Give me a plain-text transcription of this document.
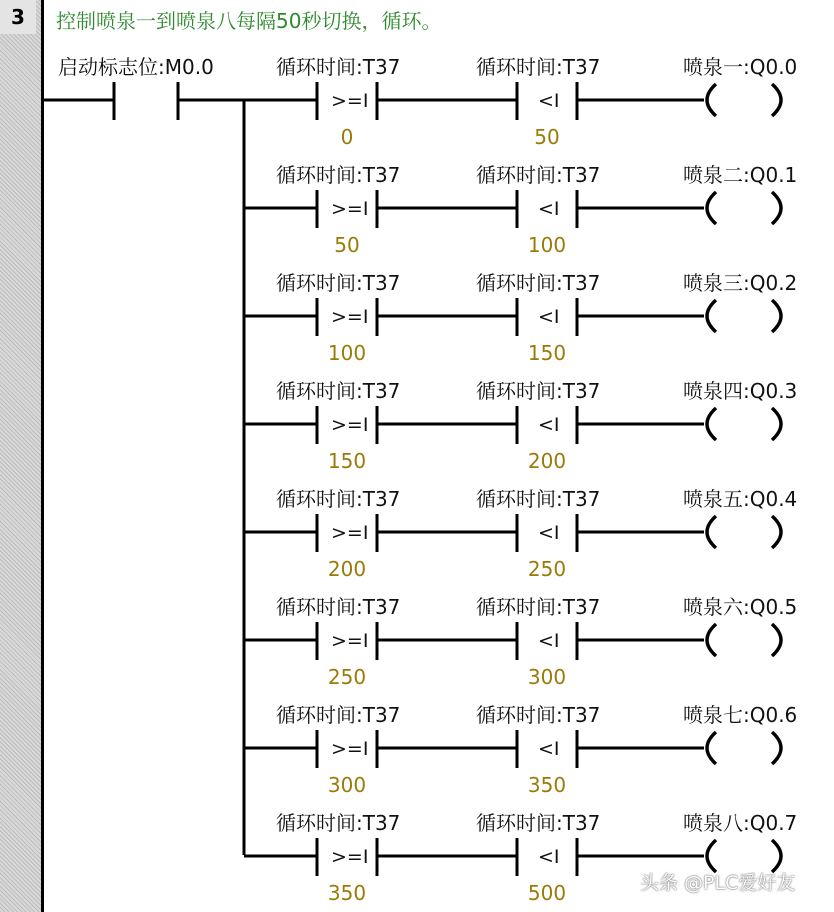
3 控制喷泉一到喷泉八每隔50秒切换，循环。
启动标志位:M0.0	循环时间:T37
>=I
0
循环时间:T37
<I
50
喷泉一:Q0.0
循环时间:T37
>=I
50
循环时间:T37
<I
100
喷泉二:Q0.1
循环时间:T37
>=I
100
循环时间:T37
<I
150
喷泉三:Q0.2
循环时间:T37
>=I
150
循环时间:T37
<I
200
喷泉四:Q0.3
循环时间:T37
>=I
200
循环时间:T37
<I
250
喷泉五:Q0.4
循环时间:T37
>=I
250
循环时间:T37
<I
300
喷泉六:Q0.5
循环时间:T37
>=I
300
循环时间:T37
<I
350
喷泉七:Q0.6
循环时间:T37
>=I
350
循环时间:T37
<I
500
喷泉八:Q0.7
头条 @PLC爱好友
